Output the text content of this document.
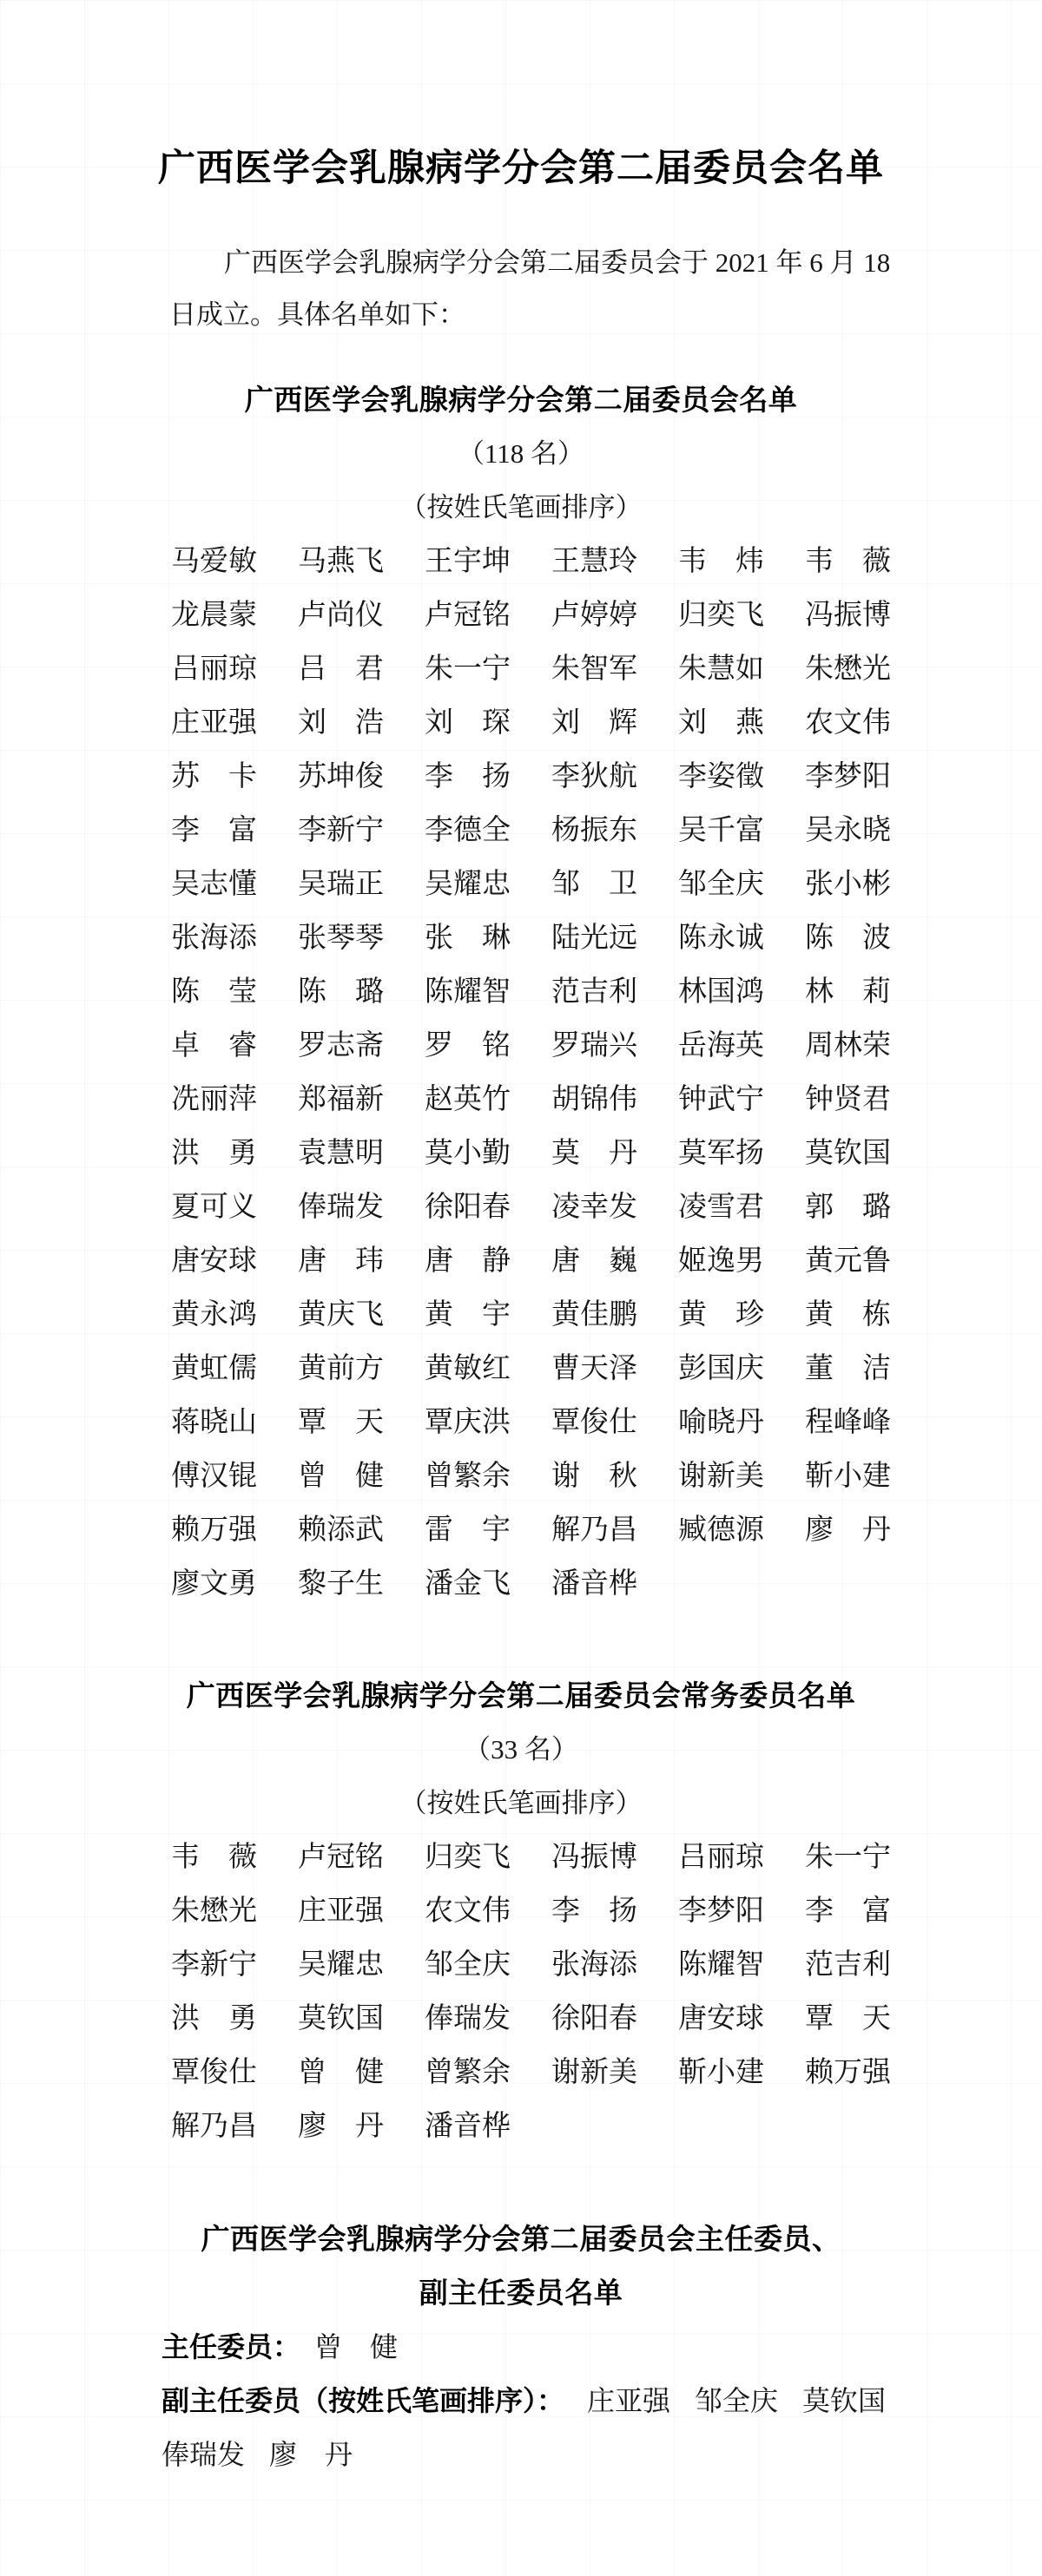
广西医学会乳腺病学分会第二届委员会名单
广西医学会乳腺病学分会第二届委员会于 2021 年 6 月 18
日成立。具体名单如下：
广西医学会乳腺病学分会第二届委员会名单
（118 名）
（按姓氏笔画排序）
马爱敏	马燕飞	王宇坤	王慧玲	韦　炜	韦　薇
龙晨蒙	卢尚仪	卢冠铭	卢婷婷	归奕飞	冯振博
吕丽琼	吕　君	朱一宁	朱智军	朱慧如	朱懋光
庄亚强	刘　浩	刘　琛	刘　辉	刘　燕	农文伟
苏　卡	苏坤俊	李　扬	李狄航	李姿徵	李梦阳
李　富	李新宁	李德全	杨振东	吴千富	吴永晓
吴志懂	吴瑞正	吴耀忠	邹　卫	邹全庆	张小彬
张海添	张琴琴	张　琳	陆光远	陈永诚	陈　波
陈　莹	陈　璐	陈耀智	范吉利	林国鸿	林　莉
卓　睿	罗志斋	罗　铭	罗瑞兴	岳海英	周林荣
冼丽萍	郑福新	赵英竹	胡锦伟	钟武宁	钟贤君
洪　勇	袁慧明	莫小勤	莫　丹	莫军扬	莫钦国
夏可义	俸瑞发	徐阳春	凌幸发	凌雪君	郭　璐
唐安球	唐　玮	唐　静	唐　巍	姬逸男	黄元鲁
黄永鸿	黄庆飞	黄　宇	黄佳鹏	黄　珍	黄　栋
黄虹儒	黄前方	黄敏红	曹天泽	彭国庆	董　洁
蒋晓山	覃　天	覃庆洪	覃俊仕	喻晓丹	程峰峰
傅汉锟	曾　健	曾繁余	谢　秋	谢新美	靳小建
赖万强	赖添武	雷　宇	解乃昌	臧德源	廖　丹
廖文勇	黎子生	潘金飞	潘音桦
广西医学会乳腺病学分会第二届委员会常务委员名单
（33 名）
（按姓氏笔画排序）
韦　薇	卢冠铭	归奕飞	冯振博	吕丽琼	朱一宁
朱懋光	庄亚强	农文伟	李　扬	李梦阳	李　富
李新宁	吴耀忠	邹全庆	张海添	陈耀智	范吉利
洪　勇	莫钦国	俸瑞发	徐阳春	唐安球	覃　天
覃俊仕	曾　健	曾繁余	谢新美	靳小建	赖万强
解乃昌	廖　丹	潘音桦
广西医学会乳腺病学分会第二届委员会主任委员、
副主任委员名单
主任委员： 曾　健
副主任委员（按姓氏笔画排序）： 庄亚强 邹全庆 莫钦国
俸瑞发 廖　丹
